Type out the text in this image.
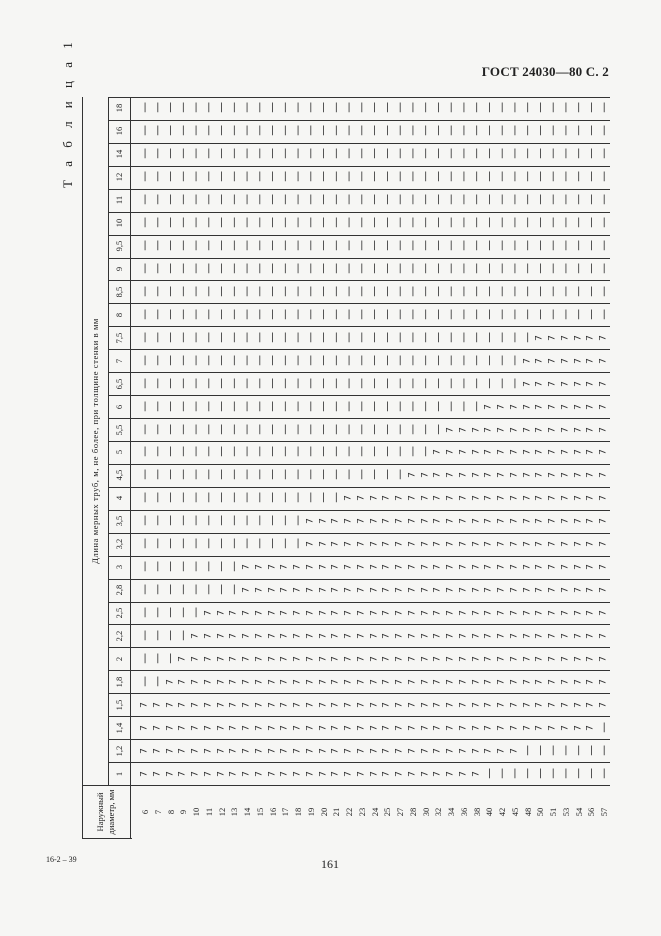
ГОСТ 24030—80 С. 2
Т а б л и ц а 1
Длина мерных труб, м, не более, при толщине стенки в мм
Наружный диаметр, мм
1
1,2
1,4
1,5
1,8
2
2,2
2,5
2,8
3
3,2
3,5
4
4,5
5
5,5
6
6,5
7
7,5
8
8,5
9
9,5
10
11
12
14
16
18
6 7 8 9 10 11 12 13 14 15 16 17 18 19 20 21 22 23 24 25 27 28 30 32 34 36 38 40 42 45 48 50 51 53 54 56 57
7 7 7 7 7 7 7 7 7 7 7 7 7 7 7 7 7 7 7 7 7 7 7 7 7 7 7 | | | | | | | | | |
7 7 7 7 7 7 7 7 7 7 7 7 7 7 7 7 7 7 7 7 7 7 7 7 7 7 7 7 7 7 | | | | | | |
7 7 7 7 7 7 7 7 7 7 7 7 7 7 7 7 7 7 7 7 7 7 7 7 7 7 7 7 7 7 7 7 7 7 7 7 |
7 7 7 7 7 7 7 7 7 7 7 7 7 7 7 7 7 7 7 7 7 7 7 7 7 7 7 7 7 7 7 7 7 7 7 7 7
| | 7 7 7 7 7 7 7 7 7 7 7 7 7 7 7 7 7 7 7 7 7 7 7 7 7 7 7 7 7 7 7 7 7 7 7
| | | 7 7 7 7 7 7 7 7 7 7 7 7 7 7 7 7 7 7 7 7 7 7 7 7 7 7 7 7 7 7 7 7 7 7
| | | | 7 7 7 7 7 7 7 7 7 7 7 7 7 7 7 7 7 7 7 7 7 7 7 7 7 7 7 7 7 7 7 7 7
| | | | | 7 7 7 7 7 7 7 7 7 7 7 7 7 7 7 7 7 7 7 7 7 7 7 7 7 7 7 7 7 7 7 7
| | | | | | | | 7 7 7 7 7 7 7 7 7 7 7 7 7 7 7 7 7 7 7 7 7 7 7 7 7 7 7 7 7
| | | | | | | | 7 7 7 7 7 7 7 7 7 7 7 7 7 7 7 7 7 7 7 7 7 7 7 7 7 7 7 7 7
| | | | | | | | | | | | | 7 7 7 7 7 7 7 7 7 7 7 7 7 7 7 7 7 7 7 7 7 7 7 7
| | | | | | | | | | | | | 7 7 7 7 7 7 7 7 7 7 7 7 7 7 7 7 7 7 7 7 7 7 7 7
| | | | | | | | | | | | | | | | 7 7 7 7 7 7 7 7 7 7 7 7 7 7 7 7 7 7 7 7 7
| | | | | | | | | | | | | | | | | | | | | 7 7 7 7 7 7 7 7 7 7 7 7 7 7 7 7
| | | | | | | | | | | | | | | | | | | | | | | 7 7 7 7 7 7 7 7 7 7 7 7 7 7
| | | | | | | | | | | | | | | | | | | | | | | | 7 7 7 7 7 7 7 7 7 7 7 7 7
| | | | | | | | | | | | | | | | | | | | | | | | | | | 7 7 7 7 7 7 7 7 7 7
| | | | | | | | | | | | | | | | | | | | | | | | | | | | | | 7 7 7 7 7 7 7
| | | | | | | | | | | | | | | | | | | | | | | | | | | | | | 7 7 7 7 7 7 7
| | | | | | | | | | | | | | | | | | | | | | | | | | | | | | | 7 7 7 7 7 7
| | | | | | | | | | | | | | | | | | | | | | | | | | | | | | | | | | | | |
| | | | | | | | | | | | | | | | | | | | | | | | | | | | | | | | | | | | |
| | | | | | | | | | | | | | | | | | | | | | | | | | | | | | | | | | | | |
| | | | | | | | | | | | | | | | | | | | | | | | | | | | | | | | | | | | |
| | | | | | | | | | | | | | | | | | | | | | | | | | | | | | | | | | | | |
| | | | | | | | | | | | | | | | | | | | | | | | | | | | | | | | | | | | |
| | | | | | | | | | | | | | | | | | | | | | | | | | | | | | | | | | | | |
| | | | | | | | | | | | | | | | | | | | | | | | | | | | | | | | | | | | |
| | | | | | | | | | | | | | | | | | | | | | | | | | | | | | | | | | | | |
| | | | | | | | | | | | | | | | | | | | | | | | | | | | | | | | | | | | |
16-2 – 39	161
